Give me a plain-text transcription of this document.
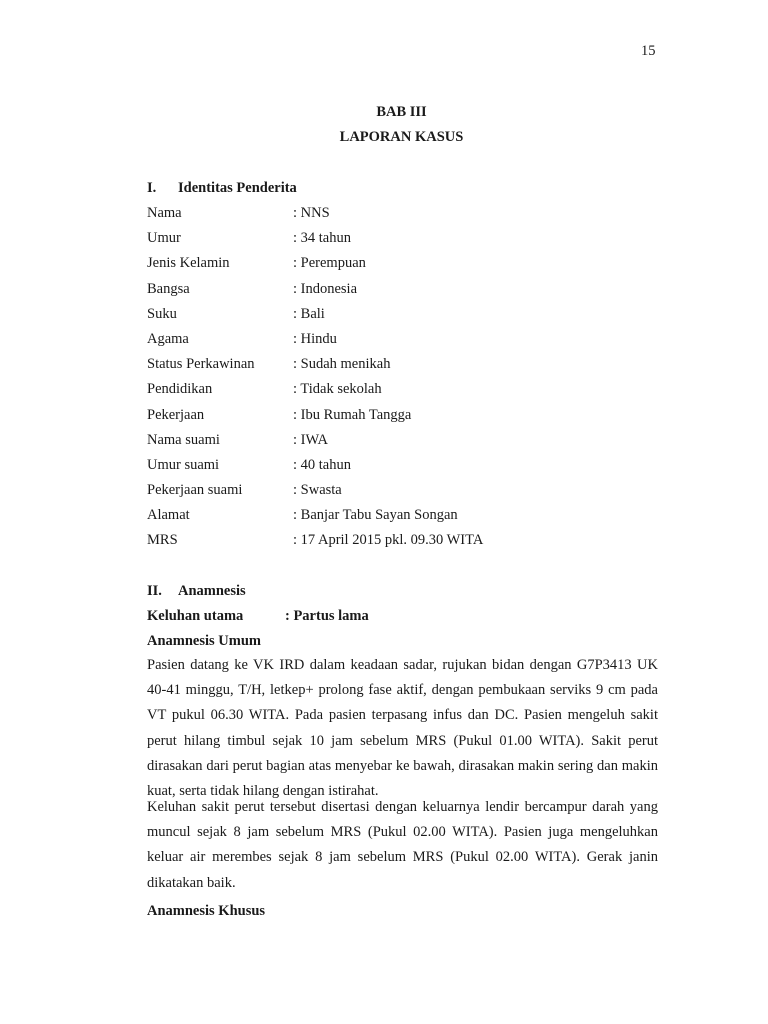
15
BAB III
LAPORAN KASUS
I. Identitas Penderita
Nama	: NNS
Umur	: 34 tahun
Jenis Kelamin	: Perempuan
Bangsa	: Indonesia
Suku	: Bali
Agama	: Hindu
Status Perkawinan	: Sudah menikah
Pendidikan	: Tidak sekolah
Pekerjaan	: Ibu Rumah Tangga
Nama suami	: IWA
Umur suami	: 40 tahun
Pekerjaan suami	: Swasta
Alamat	: Banjar Tabu Sayan Songan
MRS	: 17 April 2015 pkl. 09.30 WITA
II. Anamnesis
Keluhan utama	: Partus lama
Anamnesis Umum

Pasien datang ke VK IRD dalam keadaan sadar, rujukan bidan dengan G7P3413 UK 40-41 minggu, T/H, letkep+ prolong fase aktif, dengan pembukaan serviks 9 cm pada VT pukul 06.30 WITA. Pada pasien terpasang infus dan DC. Pasien mengeluh sakit perut hilang timbul sejak 10 jam sebelum MRS (Pukul 01.00 WITA). Sakit perut dirasakan dari perut bagian atas menyebar ke bawah, dirasakan makin sering dan makin kuat, serta tidak hilang dengan istirahat.

Keluhan sakit perut tersebut disertasi dengan keluarnya lendir bercampur darah yang muncul sejak 8 jam sebelum MRS (Pukul 02.00 WITA). Pasien juga mengeluhkan keluar air merembes sejak 8 jam sebelum MRS (Pukul 02.00 WITA). Gerak janin dikatakan baik.

Anamnesis Khusus
